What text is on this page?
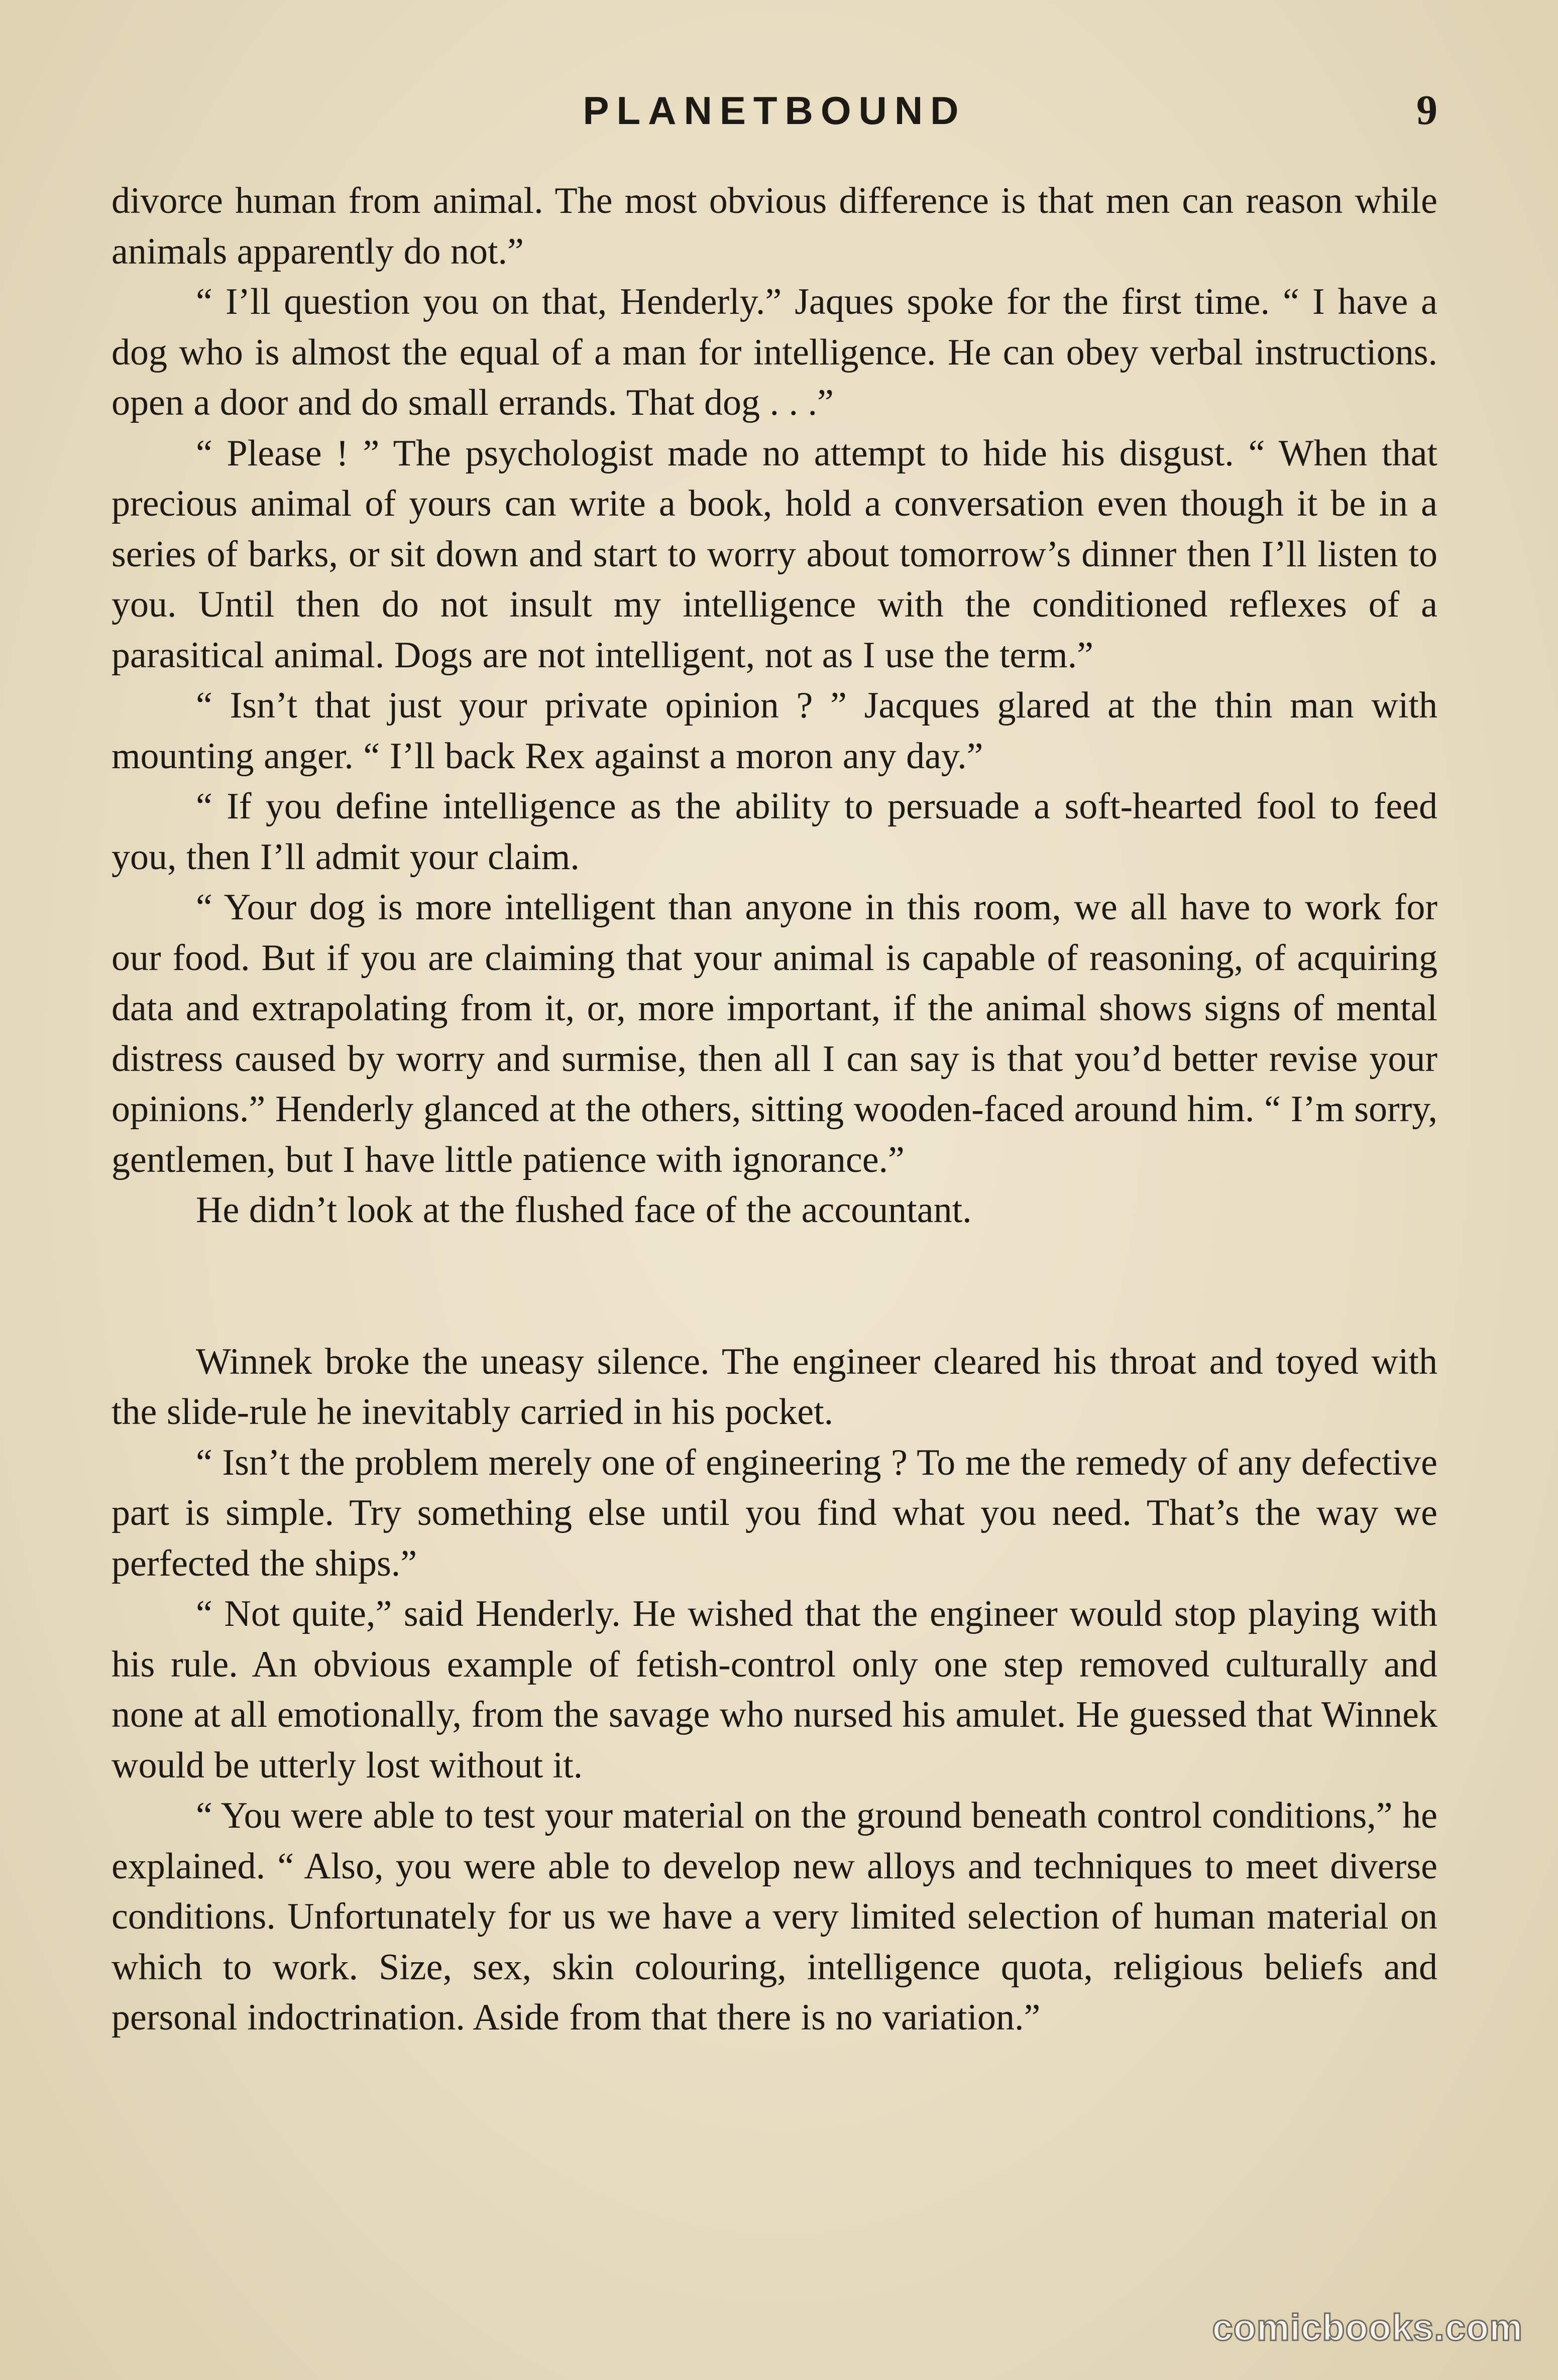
PLANETBOUND	9

divorce human from animal. The most obvious difference is that men can reason while animals apparently do not.”

“ I’ll question you on that, Henderly.” Jaques spoke for the first time. “ I have a dog who is almost the equal of a man for intelligence. He can obey verbal instructions. open a door and do small errands. That dog . . .”

“ Please ! ” The psychologist made no attempt to hide his disgust. “ When that precious animal of yours can write a book, hold a conversation even though it be in a series of barks, or sit down and start to worry about tomorrow’s dinner then I’ll listen to you. Until then do not insult my intelligence with the conditioned reflexes of a parasitical animal. Dogs are not intelligent, not as I use the term.”

“ Isn’t that just your private opinion ? ” Jacques glared at the thin man with mounting anger. “ I’ll back Rex against a moron any day.”

“ If you define intelligence as the ability to persuade a soft-hearted fool to feed you, then I’ll admit your claim.

“ Your dog is more intelligent than anyone in this room, we all have to work for our food. But if you are claiming that your animal is capable of reasoning, of acquiring data and extrapolating from it, or, more important, if the animal shows signs of mental distress caused by worry and surmise, then all I can say is that you’d better revise your opinions.” Henderly glanced at the others, sitting wooden-faced around him. “ I’m sorry, gentlemen, but I have little patience with ignorance.”

He didn’t look at the flushed face of the accountant.

Winnek broke the uneasy silence. The engineer cleared his throat and toyed with the slide-rule he inevitably carried in his pocket.

“ Isn’t the problem merely one of engineering ? To me the remedy of any defective part is simple. Try something else until you find what you need. That’s the way we perfected the ships.”

“ Not quite,” said Henderly. He wished that the engineer would stop playing with his rule. An obvious example of fetish-control only one step removed culturally and none at all emotionally, from the savage who nursed his amulet. He guessed that Winnek would be utterly lost without it.

“ You were able to test your material on the ground beneath control conditions,” he explained. “ Also, you were able to develop new alloys and techniques to meet diverse conditions. Unfortunately for us we have a very limited selection of human material on which to work. Size, sex, skin colouring, intelligence quota, religious beliefs and personal indoctrination. Aside from that there is no variation.”

comicbooks.com
